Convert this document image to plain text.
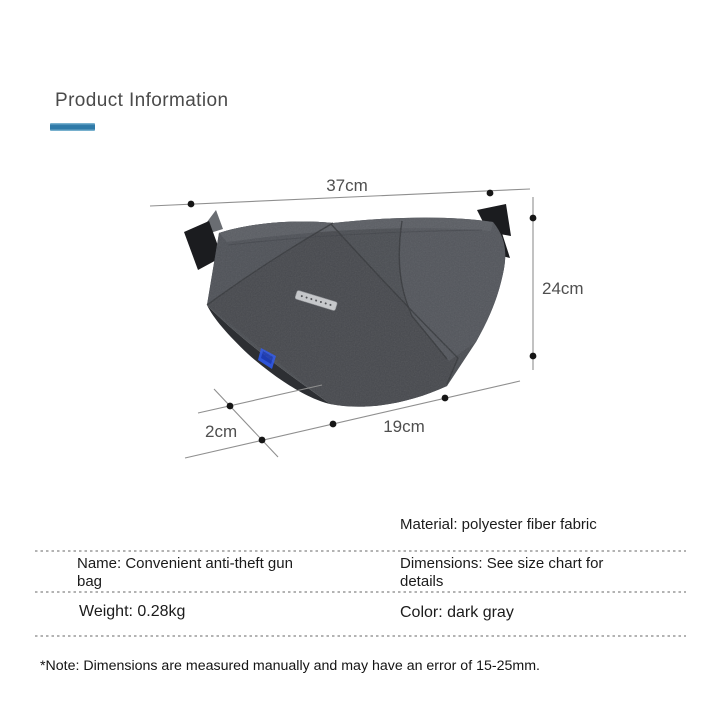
Product Information
37cm
24cm
2cm	19cm
Material: polyester fiber fabric
Name: Convenient anti-theft gun bag
Dimensions: See size chart for details
Weight: 0.28kg	Color: dark gray
*Note: Dimensions are measured manually and may have an error of 15-25mm.
